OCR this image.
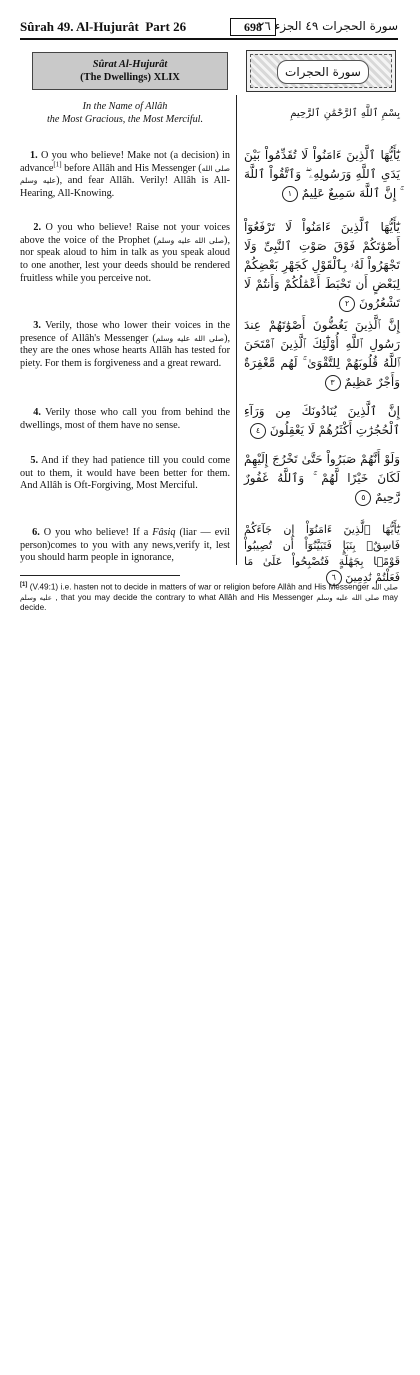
Sûrah 49. Al-Hujurât Part 26	698
سورة الحجرات ٤٩ الجزء ٢٦
Sûrat Al-Hujurât
(The Dwellings) XLIX	سورة الحجرات
In the Name of Allâh
the Most Gracious, the Most Merciful.
بِسْمِ ٱللَّهِ ٱلرَّحْمَٰنِ ٱلرَّحِيمِ
1. O you who believe! Make not (a decision) in advance[1] before Allâh and His Messenger (صلى الله عليه وسلم), and fear Allâh. Verily! Allâh is All-Hearing, All-Knowing.
يَٰٓأَيُّهَا ٱلَّذِينَ ءَامَنُواْ لَا تُقَدِّمُواْ بَيْنَ يَدَىِ ٱللَّهِ وَرَسُولِهِۦ ۖ وَٱتَّقُواْ ٱللَّهَ ۚ إِنَّ ٱللَّهَ سَمِيعٌ عَلِيمٌ ١
2. O you who believe! Raise not your voices above the voice of the Prophet (صلى الله عليه وسلم), nor speak aloud to him in talk as you speak aloud to one another, lest your deeds should be rendered fruitless while you perceive not.
يَٰٓأَيُّهَا ٱلَّذِينَ ءَامَنُواْ لَا تَرْفَعُوٓاْ أَصْوَٰتَكُمْ فَوْقَ صَوْتِ ٱلنَّبِىِّ وَلَا تَجْهَرُواْ لَهُۥ بِٱلْقَوْلِ كَجَهْرِ بَعْضِكُمْ لِبَعْضٍ أَن تَحْبَطَ أَعْمَٰلُكُمْ وَأَنتُمْ لَا تَشْعُرُونَ ٢
3. Verily, those who lower their voices in the presence of Allâh's Messenger (صلى الله عليه وسلم), they are the ones whose hearts Allâh has tested for piety. For them is forgiveness and a great reward.
إِنَّ ٱلَّذِينَ يَغُضُّونَ أَصْوَٰتَهُمْ عِندَ رَسُولِ ٱللَّهِ أُوْلَٰٓئِكَ ٱلَّذِينَ ٱمْتَحَنَ ٱللَّهُ قُلُوبَهُمْ لِلتَّقْوَىٰ ۚ لَهُم مَّغْفِرَةٌ وَأَجْرٌ عَظِيمٌ ٣
4. Verily those who call you from behind the dwellings, most of them have no sense.
إِنَّ ٱلَّذِينَ يُنَادُونَكَ مِن وَرَآءِ ٱلْحُجُرَٰتِ أَكْثَرُهُمْ لَا يَعْقِلُونَ ٤
5. And if they had patience till you could come out to them, it would have been better for them. And Allâh is Oft-Forgiving, Most Merciful.
وَلَوْ أَنَّهُمْ صَبَرُواْ حَتَّىٰ تَخْرُجَ إِلَيْهِمْ لَكَانَ خَيْرًا لَّهُمْ ۚ وَٱللَّهُ غَفُورٌ رَّحِيمٌ ٥
6. O you who believe! If a Fâsiq (liar — evil person)comes to you with any news,verify it, lest you should harm people in ignorance,
يَٰٓأَيُّهَا ٱلَّذِينَ ءَامَنُوٓاْ إِن جَآءَكُمْ فَاسِقٌۢ بِنَبَإٍ فَتَبَيَّنُوٓاْ أَن تُصِيبُواْ قَوْمًۢا بِجَهَٰلَةٍ فَتُصْبِحُواْ عَلَىٰ مَا فَعَلْتُمْ نَٰدِمِينَ ٦
[1] (V.49:1) i.e. hasten not to decide in matters of war or religion before Allâh and His Messenger صلى الله عليه وسلم , that you may decide the contrary to what Allâh and His Messenger صلى الله عليه وسلم may decide.
